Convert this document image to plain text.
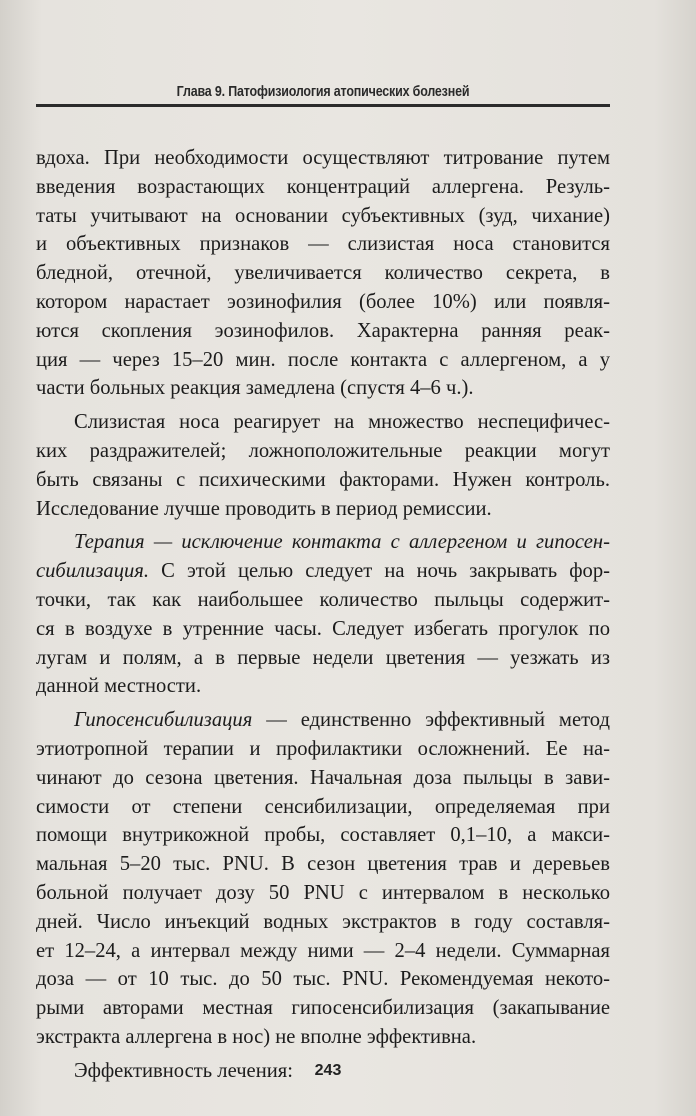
Глава 9. Патофизиология атопических болезней
вдоха. При необходимости осуществляют титрование путем
введения возрастающих концентраций аллергена. Резуль-
таты учитывают на основании субъективных (зуд, чихание)
и объективных признаков — слизистая носа становится
бледной, отечной, увеличивается количество секрета, в
котором нарастает эозинофилия (более 10%) или появля-
ются скопления эозинофилов. Характерна ранняя реак-
ция — через 15–20 мин. после контакта с аллергеном, а у
части больных реакция замедлена (спустя 4–6 ч.).
Слизистая носа реагирует на множество неспецифичес-
ких раздражителей; ложноположительные реакции могут
быть связаны с психическими факторами. Нужен контроль.
Исследование лучше проводить в период ремиссии.
Терапия — исключение контакта с аллергеном и гипосен-
сибилизация. С этой целью следует на ночь закрывать фор-
точки, так как наибольшее количество пыльцы содержит-
ся в воздухе в утренние часы. Следует избегать прогулок по
лугам и полям, а в первые недели цветения — уезжать из
данной местности.
Гипосенсибилизация — единственно эффективный метод
этиотропной терапии и профилактики осложнений. Ее на-
чинают до сезона цветения. Начальная доза пыльцы в зави-
симости от степени сенсибилизации, определяемая при
помощи внутрикожной пробы, составляет 0,1–10, а макси-
мальная 5–20 тыс. PNU. В сезон цветения трав и деревьев
больной получает дозу 50 PNU с интервалом в несколько
дней. Число инъекций водных экстрактов в году составля-
ет 12–24, а интервал между ними — 2–4 недели. Суммарная
доза — от 10 тыс. до 50 тыс. PNU. Рекомендуемая некото-
рыми авторами местная гипосенсибилизация (закапывание
экстракта аллергена в нос) не вполне эффективна.
Эффективность лечения:	243
